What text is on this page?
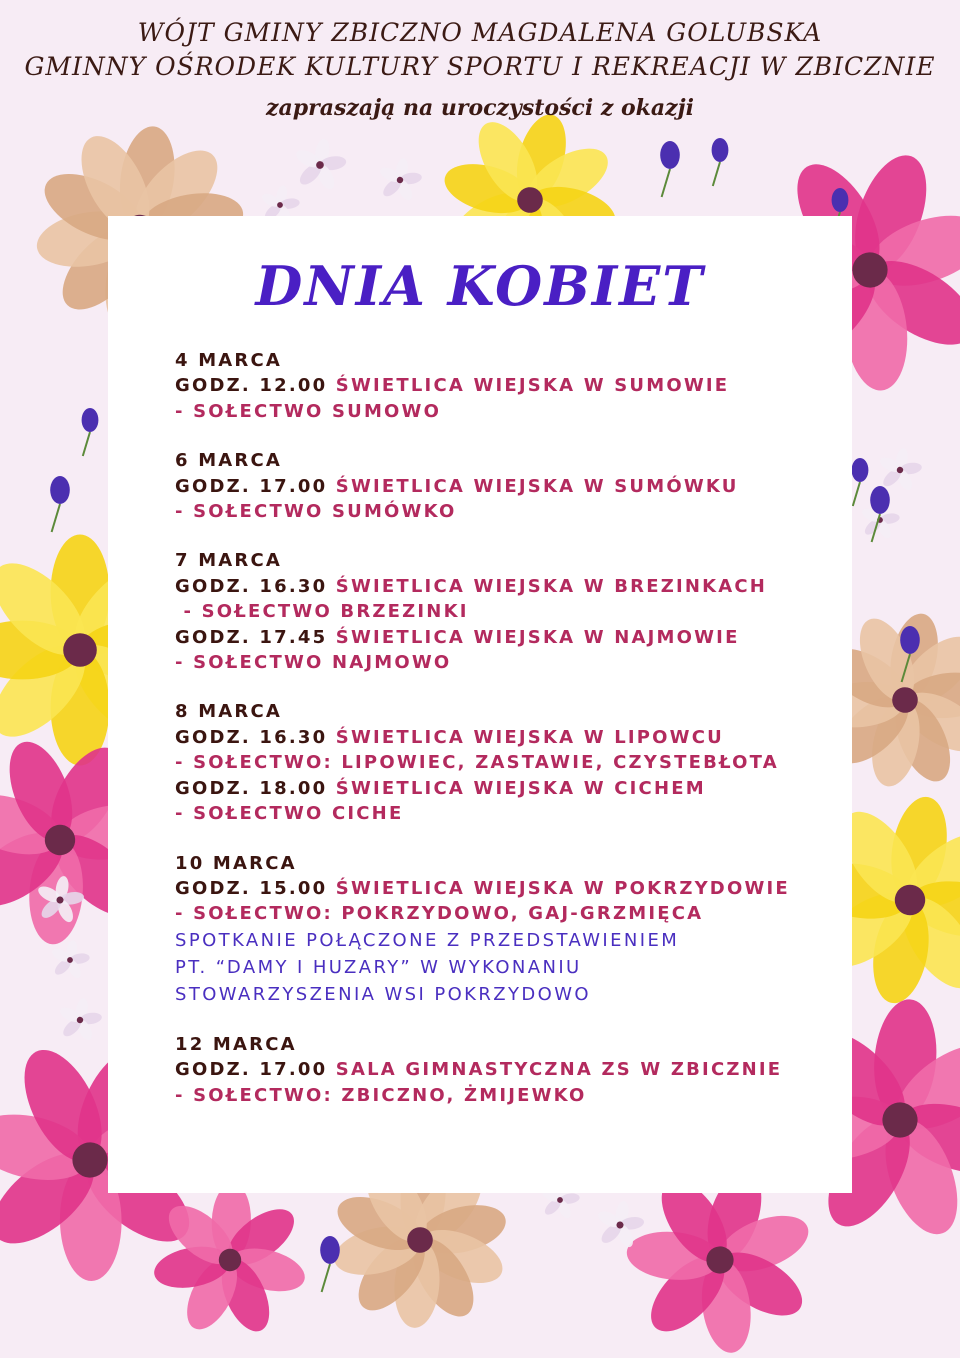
WÓJT GMINY ZBICZNO MAGDALENA GOLUBSKA
GMINNY OŚRODEK KULTURY SPORTU I REKREACJI W ZBICZNIE
zapraszają na uroczystości z okazji
DNIA KOBIET
4 MARCA
GODZ. 12.00 ŚWIETLICA WIEJSKA W SUMOWIE
- SOŁECTWO SUMOWO
6 MARCA
GODZ. 17.00 ŚWIETLICA WIEJSKA W SUMÓWKU
- SOŁECTWO SUMÓWKO
7 MARCA
GODZ. 16.30 ŚWIETLICA WIEJSKA W BREZINKACH
- SOŁECTWO BRZEZINKI
GODZ. 17.45 ŚWIETLICA WIEJSKA W NAJMOWIE
- SOŁECTWO NAJMOWO
8 MARCA
GODZ. 16.30 ŚWIETLICA WIEJSKA W LIPOWCU
- SOŁECTWO: LIPOWIEC, ZASTAWIE, CZYSTEBŁOTA
GODZ. 18.00 ŚWIETLICA WIEJSKA W CICHEM
- SOŁECTWO CICHE
10 MARCA
GODZ. 15.00 ŚWIETLICA WIEJSKA W POKRZYDOWIE
- SOŁECTWO: POKRZYDOWO, GAJ-GRZMIĘCA
SPOTKANIE POŁĄCZONE Z PRZEDSTAWIENIEM
PT. “DAMY I HUZARY” W WYKONANIU
STOWARZYSZENIA WSI POKRZYDOWO
12 MARCA
GODZ. 17.00 SALA GIMNASTYCZNA ZS W ZBICZNIE
- SOŁECTWO: ZBICZNO, ŻMIJEWKO
